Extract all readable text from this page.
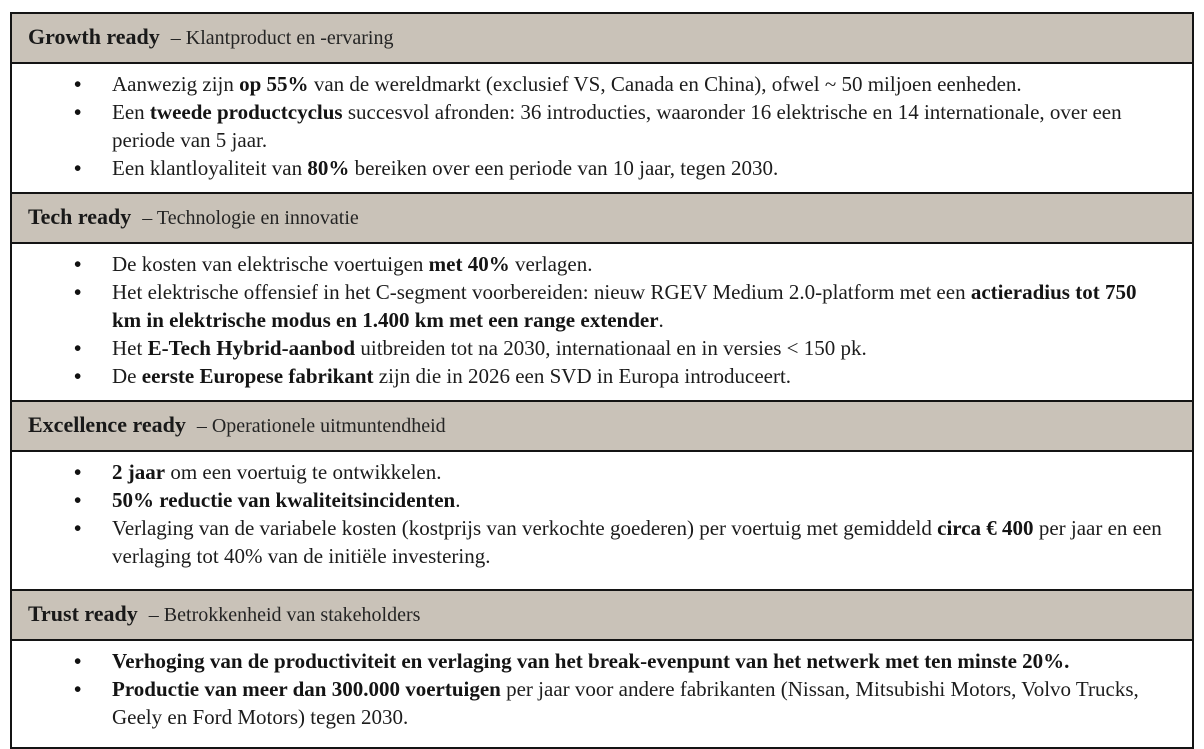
Growth ready – Klantproduct en -ervaring
• Aanwezig zijn op 55% van de wereldmarkt (exclusief VS, Canada en China), ofwel ~ 50 miljoen eenheden.
• Een tweede productcyclus succesvol afronden: 36 introducties, waaronder 16 elektrische en 14 internationale, over een periode van 5 jaar.
• Een klantloyaliteit van 80% bereiken over een periode van 10 jaar, tegen 2030.
Tech ready – Technologie en innovatie
• De kosten van elektrische voertuigen met 40% verlagen.
• Het elektrische offensief in het C-segment voorbereiden: nieuw RGEV Medium 2.0-platform met een actieradius tot 750 km in elektrische modus en 1.400 km met een range extender.
• Het E-Tech Hybrid-aanbod uitbreiden tot na 2030, internationaal en in versies < 150 pk.
• De eerste Europese fabrikant zijn die in 2026 een SVD in Europa introduceert.
Excellence ready – Operationele uitmuntendheid
• 2 jaar om een voertuig te ontwikkelen.
• 50% reductie van kwaliteitsincidenten.
• Verlaging van de variabele kosten (kostprijs van verkochte goederen) per voertuig met gemiddeld circa € 400 per jaar en een verlaging tot 40% van de initiële investering.
Trust ready – Betrokkenheid van stakeholders
• Verhoging van de productiviteit en verlaging van het break-evenpunt van het netwerk met ten minste 20%.
• Productie van meer dan 300.000 voertuigen per jaar voor andere fabrikanten (Nissan, Mitsubishi Motors, Volvo Trucks, Geely en Ford Motors) tegen 2030.
